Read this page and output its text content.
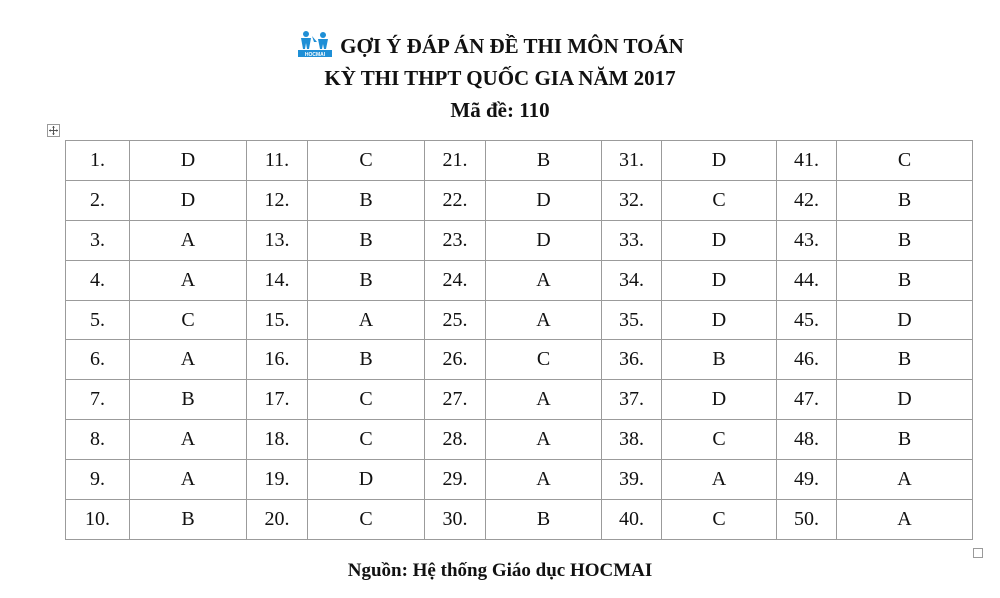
HOCMAI GỢI Ý ĐÁP ÁN ĐỀ THI MÔN TOÁN
KỲ THI THPT QUỐC GIA NĂM 2017
Mã đề: 110
1.	D	11.	C	21.	B	31.	D	41.	C
2.	D	12.	B	22.	D	32.	C	42.	B
3.	A	13.	B	23.	D	33.	D	43.	B
4.	A	14.	B	24.	A	34.	D	44.	B
5.	C	15.	A	25.	A	35.	D	45.	D
6.	A	16.	B	26.	C	36.	B	46.	B
7.	B	17.	C	27.	A	37.	D	47.	D
8.	A	18.	C	28.	A	38.	C	48.	B
9.	A	19.	D	29.	A	39.	A	49.	A
10.	B	20.	C	30.	B	40.	C	50.	A
Nguồn: Hệ thống Giáo dục HOCMAI
